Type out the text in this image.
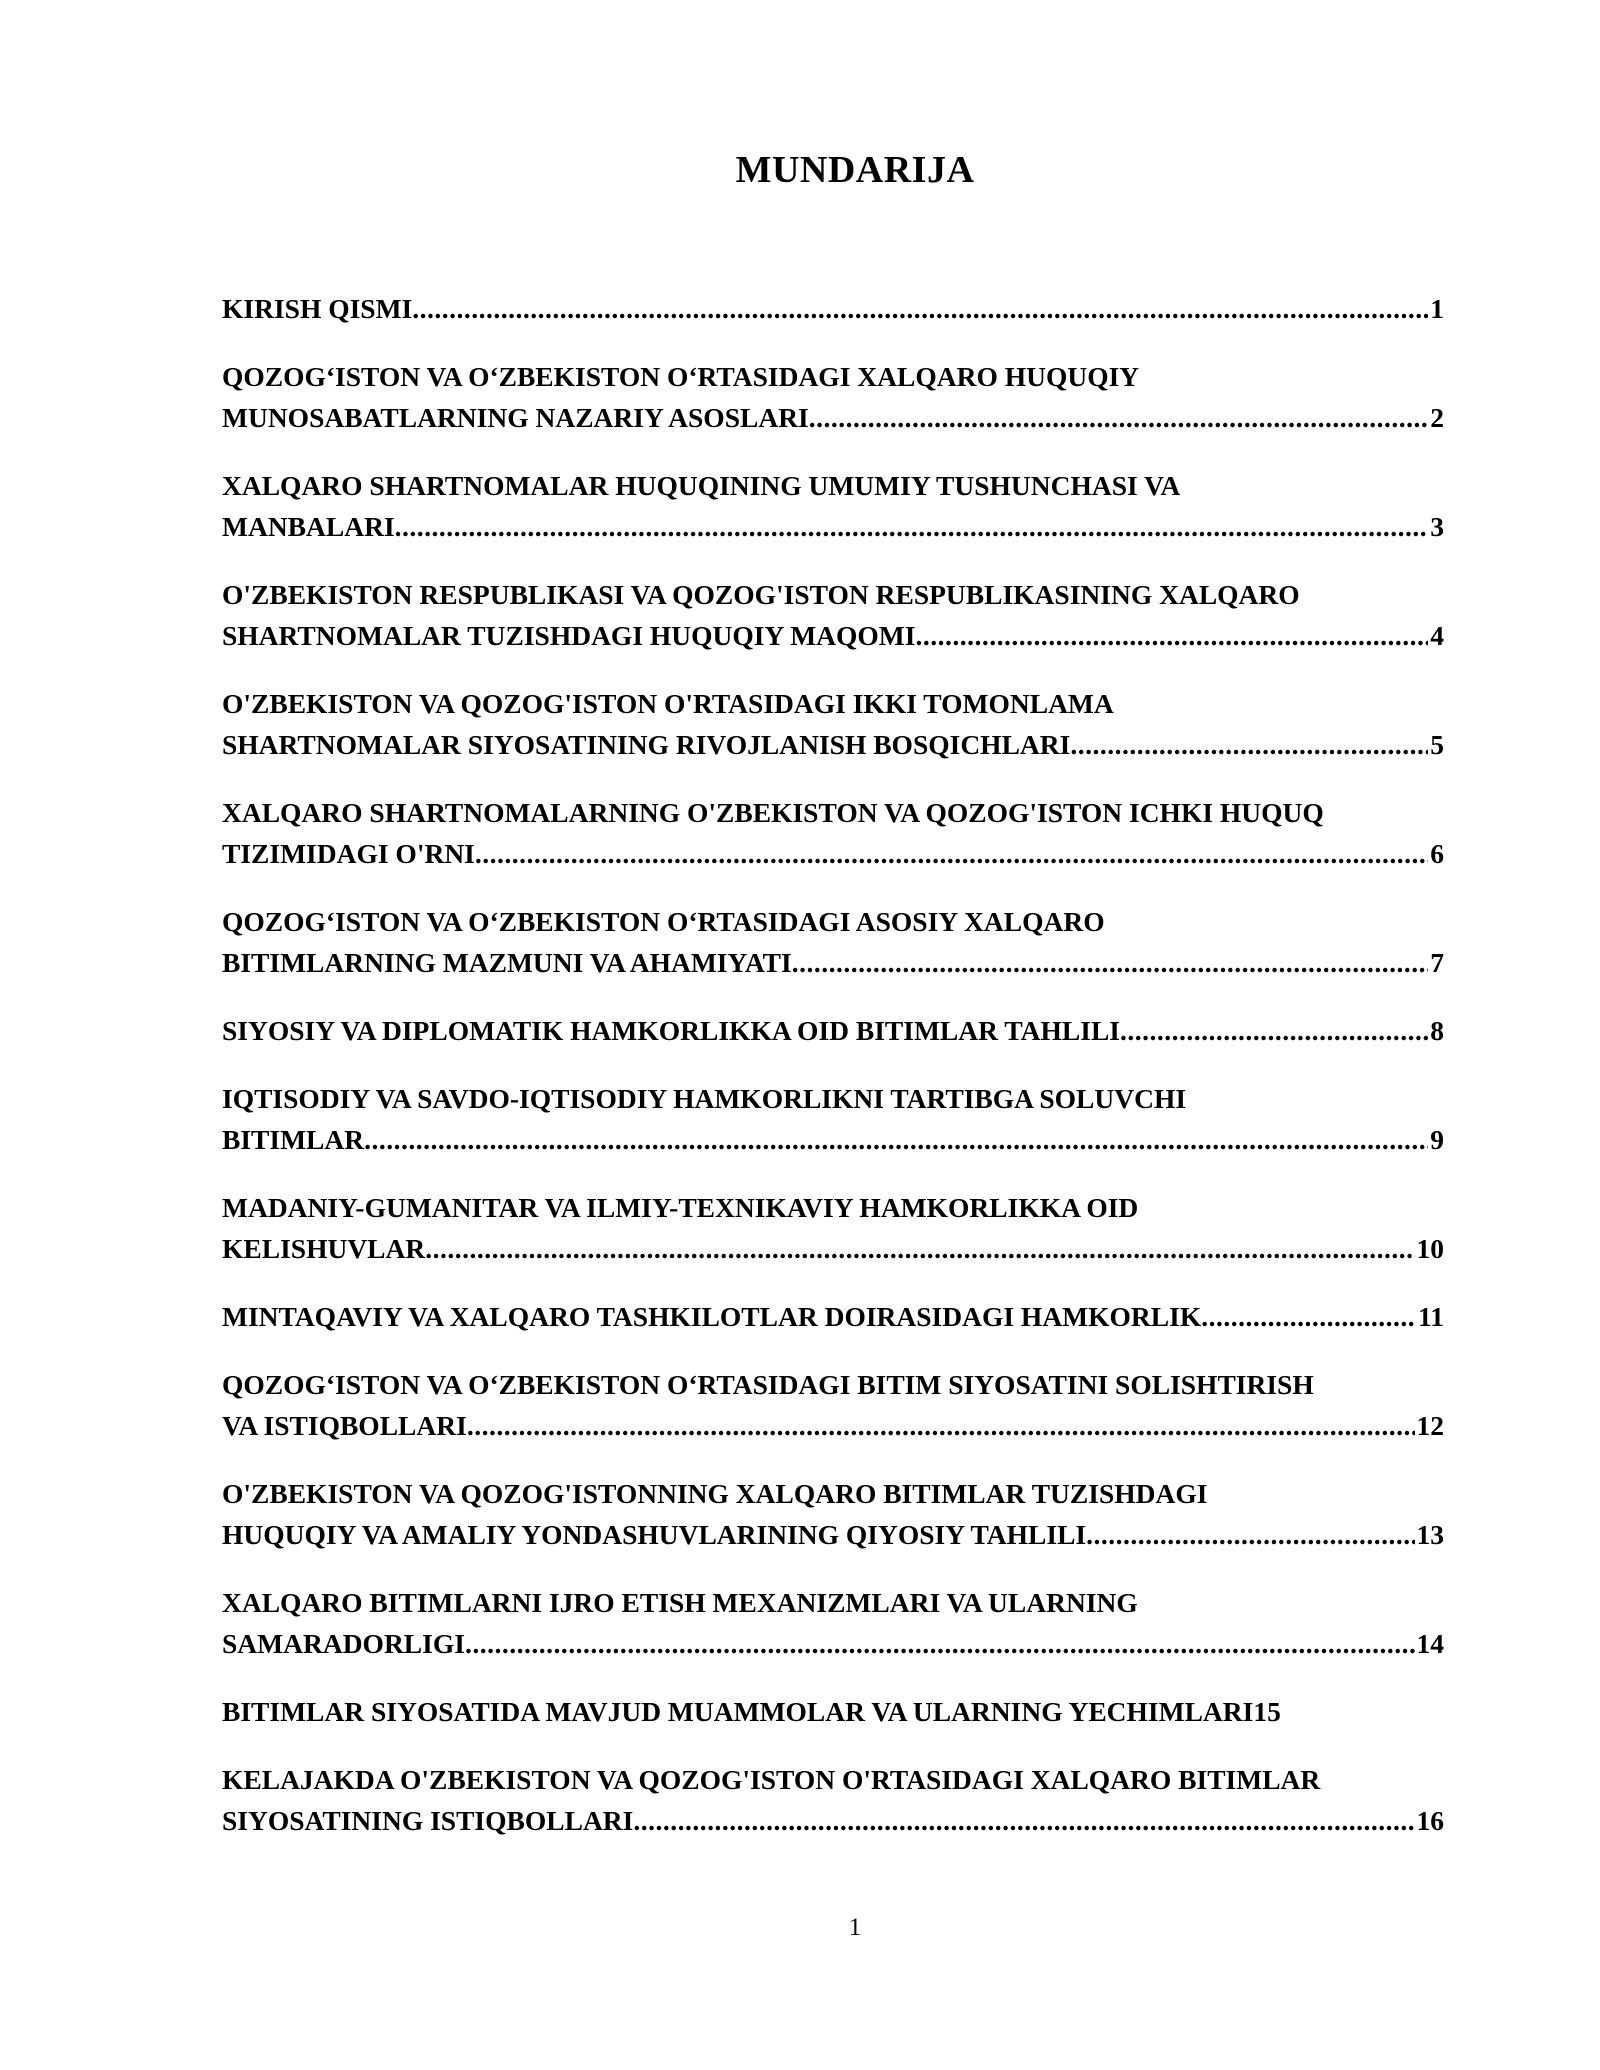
MUNDARIJA
KIRISH QISMI .....	1
QOZOG‘ISTON VA O‘ZBEKISTON O‘RTASIDAGI XALQARO HUQUQIY
MUNOSABATLARNING NAZARIY ASOSLARI .....	2
XALQARO SHARTNOMALAR HUQUQINING UMUMIY TUSHUNCHASI VA
MANBALARI .....	3
O'ZBEKISTON RESPUBLIKASI VA QOZOG'ISTON RESPUBLIKASINING XALQARO
SHARTNOMALAR TUZISHDAGI HUQUQIY MAQOMI .....	4
O'ZBEKISTON VA QOZOG'ISTON O'RTASIDAGI IKKI TOMONLAMA
SHARTNOMALAR SIYOSATINING RIVOJLANISH BOSQICHLARI .....	5
XALQARO SHARTNOMALARNING O'ZBEKISTON VA QOZOG'ISTON ICHKI HUQUQ
TIZIMIDAGI O'RNI .....	6
QOZOG‘ISTON VA O‘ZBEKISTON O‘RTASIDAGI ASOSIY XALQARO
BITIMLARNING MAZMUNI VA AHAMIYATI .....	7
SIYOSIY VA DIPLOMATIK HAMKORLIKKA OID BITIMLAR TAHLILI .....	8
IQTISODIY VA SAVDO-IQTISODIY HAMKORLIKNI TARTIBGA SOLUVCHI
BITIMLAR .....	9
MADANIY-GUMANITAR VA ILMIY-TEXNIKAVIY HAMKORLIKKA OID
KELISHUVLAR .....	10
MINTAQAVIY VA XALQARO TASHKILOTLAR DOIRASIDAGI HAMKORLIK .....	11
QOZOG‘ISTON VA O‘ZBEKISTON O‘RTASIDAGI BITIM SIYOSATINI SOLISHTIRISH
VA ISTIQBOLLARI .....	12
O'ZBEKISTON VA QOZOG'ISTONNING XALQARO BITIMLAR TUZISHDAGI
HUQUQIY VA AMALIY YONDASHUVLARINING QIYOSIY TAHLILI .....	13
XALQARO BITIMLARNI IJRO ETISH MEXANIZMLARI VA ULARNING
SAMARADORLIGI .....	14
BITIMLAR SIYOSATIDA MAVJUD MUAMMOLAR VA ULARNING YECHIMLARI 15
KELAJAKDA O'ZBEKISTON VA QOZOG'ISTON O'RTASIDAGI XALQARO BITIMLAR
SIYOSATINING ISTIQBOLLARI .....	16
1
